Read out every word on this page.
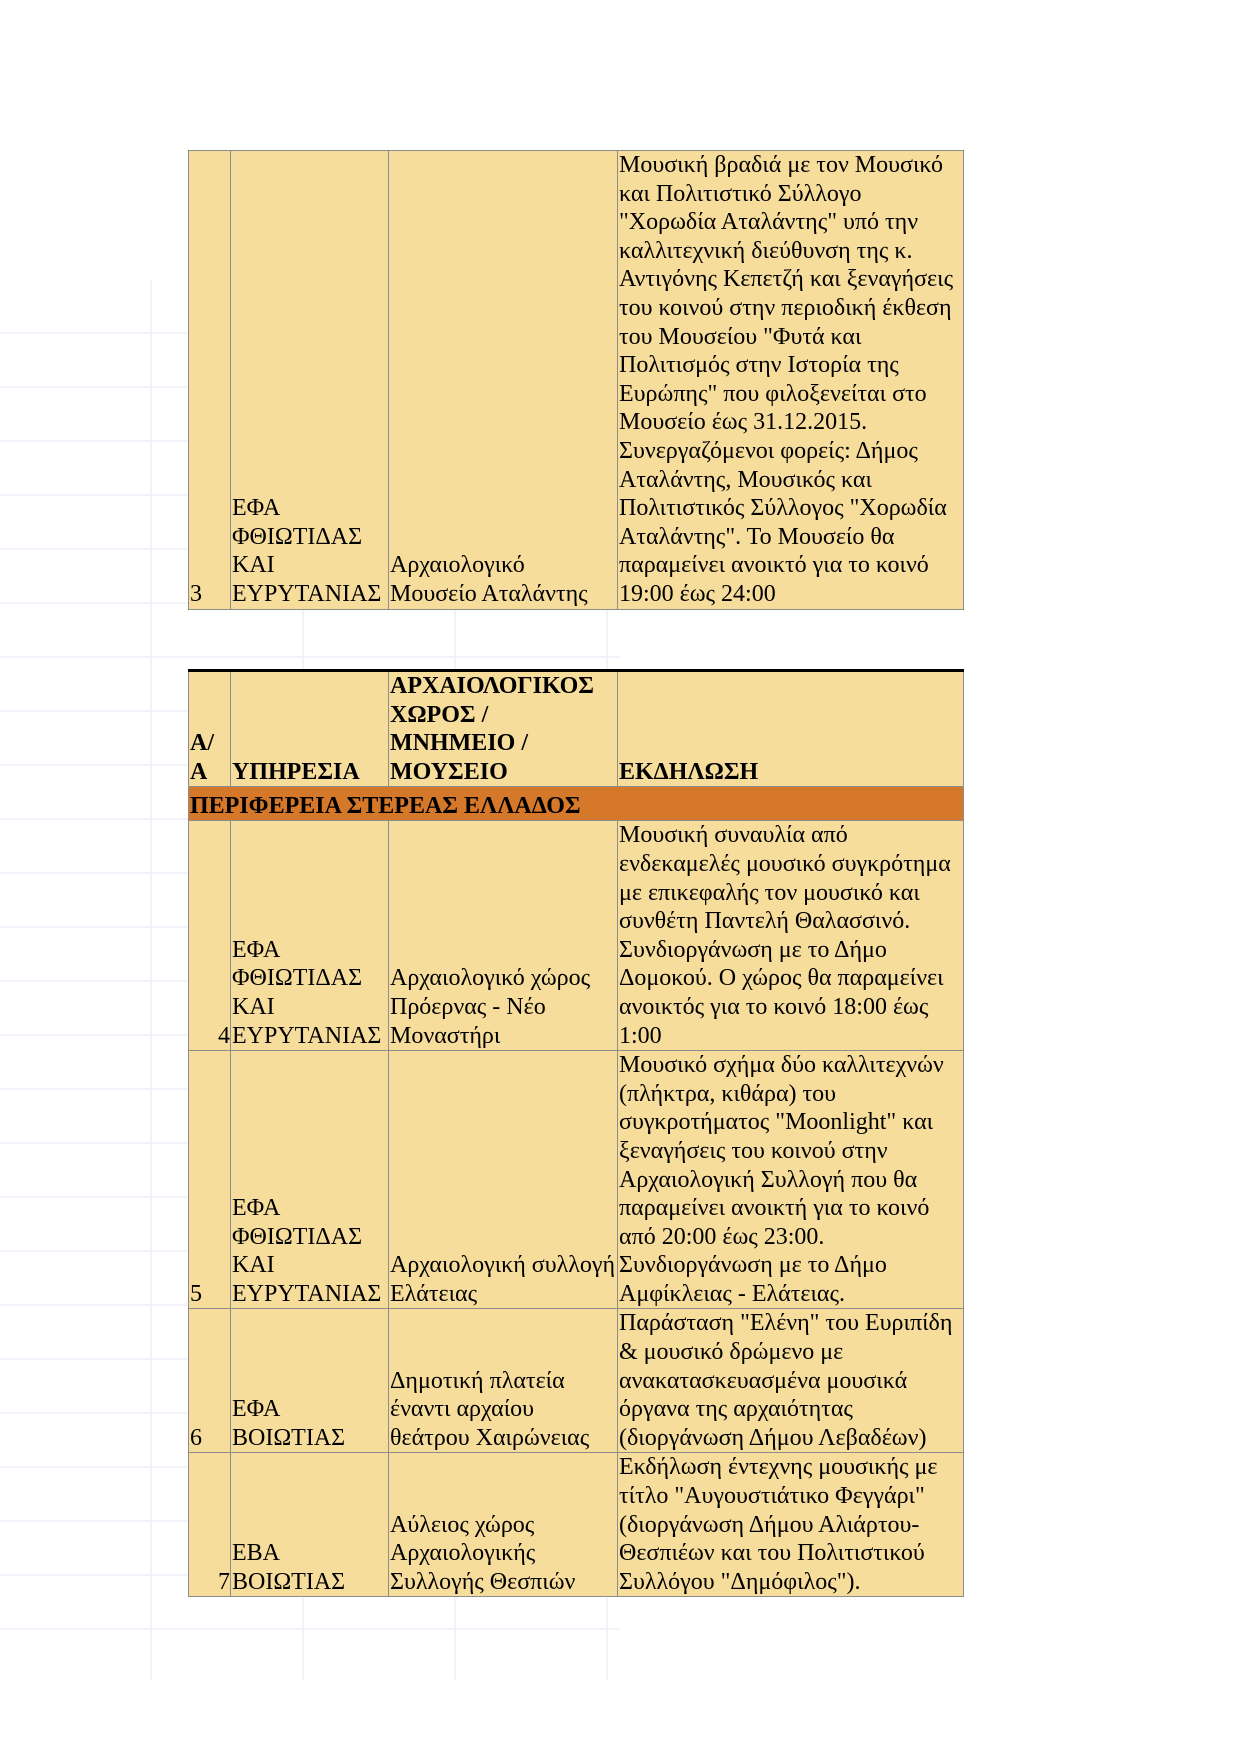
3	ΕΦΑ ΦΘΙΩΤΙΔΑΣ ΚΑΙ ΕΥΡΥΤΑΝΙΑΣ	Αρχαιολογικό Μουσείο Αταλάντης	Μουσική βραδιά με τον Μουσικό και Πολιτιστικό Σύλλογο "Χορωδία Αταλάντης" υπό την καλλιτεχνική διεύθυνση της κ. Αντιγόνης Κεπετζή και ξεναγήσεις του κοινού στην περιοδική έκθεση του Μουσείου "Φυτά και Πολιτισμός στην Ιστορία της Ευρώπης" που φιλοξενείται στο Μουσείο έως 31.12.2015. Συνεργαζόμενοι φορείς: Δήμος Αταλάντης, Μουσικός και Πολιτιστικός Σύλλογος "Χορωδία Αταλάντης". Το Μουσείο θα παραμείνει ανοικτό για το κοινό 19:00 έως 24:00
Α/Α	ΥΠΗΡΕΣΙΑ	ΑΡΧΑΙΟΛΟΓΙΚΟΣ ΧΩΡΟΣ / ΜΝΗΜΕΙΟ / ΜΟΥΣΕΙΟ	ΕΚΔΗΛΩΣΗ
ΠΕΡΙΦΕΡΕΙΑ ΣΤΕΡΕΑΣ ΕΛΛΑΔΟΣ			
4	ΕΦΑ ΦΘΙΩΤΙΔΑΣ ΚΑΙ ΕΥΡΥΤΑΝΙΑΣ	Αρχαιολογικό χώρος Πρόερνας - Νέο Μοναστήρι	Μουσική συναυλία από ενδεκαμελές μουσικό συγκρότημα με επικεφαλής τον μουσικό και συνθέτη Παντελή Θαλασσινό. Συνδιοργάνωση με το Δήμο Δομοκού. Ο χώρος θα παραμείνει ανοικτός για το κοινό 18:00 έως 1:00
5	ΕΦΑ ΦΘΙΩΤΙΔΑΣ ΚΑΙ ΕΥΡΥΤΑΝΙΑΣ	Αρχαιολογική συλλογή Ελάτειας	Μουσικό σχήμα δύο καλλιτεχνών (πλήκτρα, κιθάρα) του συγκροτήματος "Moonlight" και ξεναγήσεις του κοινού στην Αρχαιολογική Συλλογή που θα παραμείνει ανοικτή για το κοινό από 20:00 έως 23:00. Συνδιοργάνωση με το Δήμο Αμφίκλειας - Ελάτειας.
6	ΕΦΑ ΒΟΙΩΤΙΑΣ	Δημοτική πλατεία έναντι αρχαίου θεάτρου Χαιρώνειας	Παράσταση "Ελένη" του Ευριπίδη & μουσικό δρώμενο με ανακατασκευασμένα μουσικά όργανα της αρχαιότητας (διοργάνωση Δήμου Λεβαδέων)
7	ΕΒΑ ΒΟΙΩΤΙΑΣ	Αύλειος χώρος Αρχαιολογικής Συλλογής Θεσπιών	Εκδήλωση έντεχνης μουσικής με τίτλο "Αυγουστιάτικο Φεγγάρι" (διοργάνωση Δήμου Αλιάρτου-Θεσπιέων και του Πολιτιστικού Συλλόγου "Δημόφιλος").
